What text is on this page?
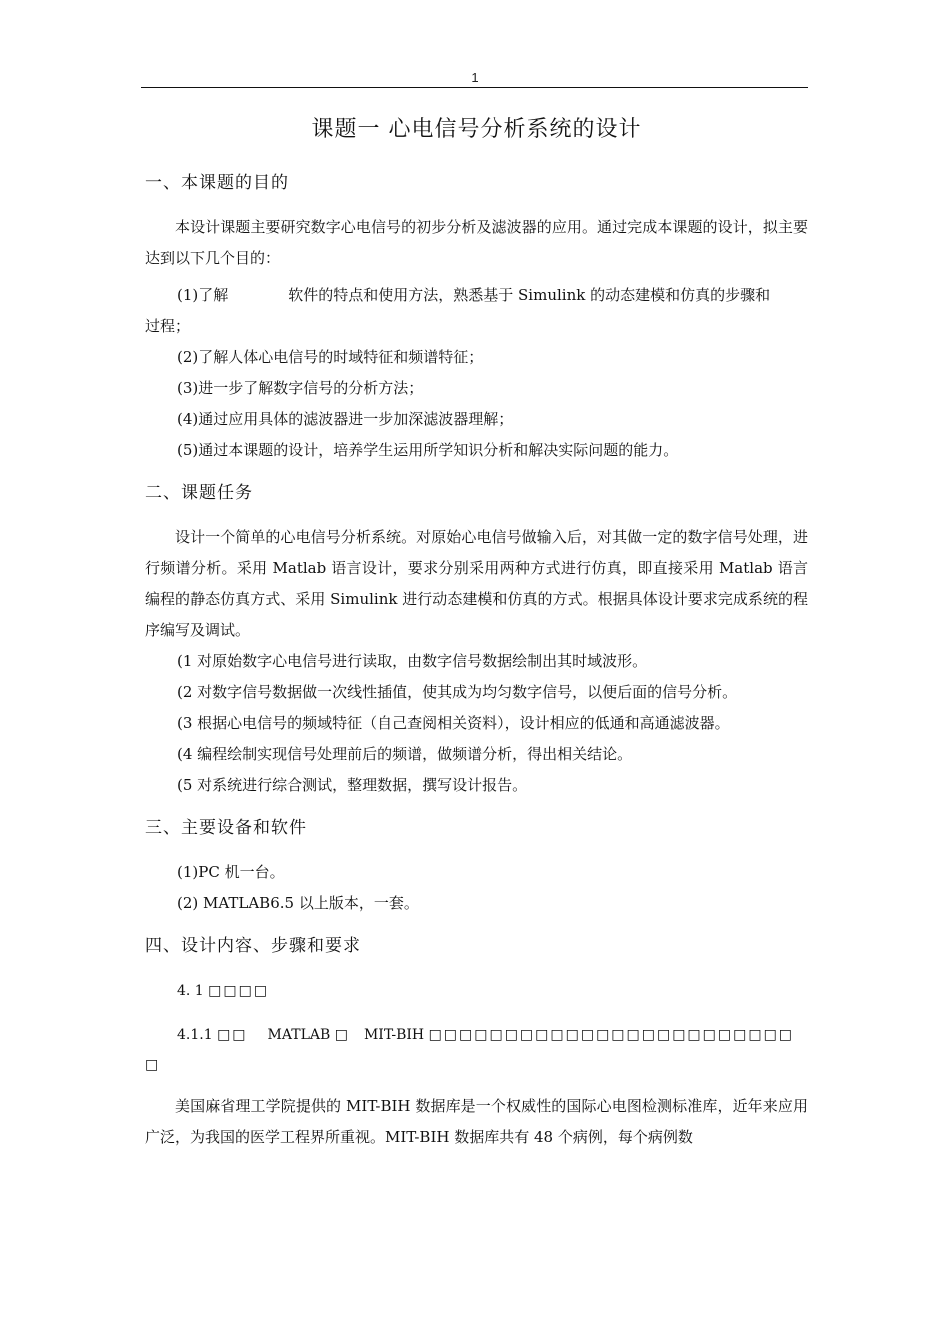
1
课题一 心电信号分析系统的设计
一、本课题的目的

本设计课题主要研究数字心电信号的初步分析及滤波器的应用。通过完成本课题的设计，拟主要达到以下几个目的：

(1)了解	软件的特点和使用方法，熟悉基于 Simulink 的动态建模和仿真的步骤和

过程；

(2)了解人体心电信号的时域特征和频谱特征；

(3)进一步了解数字信号的分析方法；

(4)通过应用具体的滤波器进一步加深滤波器理解；

(5)通过本课题的设计，培养学生运用所学知识分析和解决实际问题的能力。

二、课题任务

设计一个简单的心电信号分析系统。对原始心电信号做输入后，对其做一定的数字信号处理，进行频谱分析。采用 Matlab 语言设计，要求分别采用两种方式进行仿真，即直接采用 Matlab 语言编程的静态仿真方式、采用 Simulink 进行动态建模和仿真的方式。根据具体设计要求完成系统的程序编写及调试。

(1 对原始数字心电信号进行读取，由数字信号数据绘制出其时域波形。

(2 对数字信号数据做一次线性插值，使其成为均匀数字信号，以便后面的信号分析。

(3 根据心电信号的频域特征（自己查阅相关资料），设计相应的低通和高通滤波器。

(4 编程绘制实现信号处理前后的频谱，做频谱分析，得出相关结论。

(5 对系统进行综合测试，整理数据，撰写设计报告。

三、主要设备和软件

(1)PC 机一台。

(2) MATLAB6.5 以上版本，一套。

四、设计内容、步骤和要求

4. 1 □□□□

4.1.1 □□ MATLAB □ MIT-BIH □□□□□□□□□□□□□□□□□□□□□□□□

□

美国麻省理工学院提供的 MIT-BIH 数据库是一个权威性的国际心电图检测标准库，近年来应用广泛，为我国的医学工程界所重视。MIT-BIH 数据库共有 48 个病例，每个病例数
